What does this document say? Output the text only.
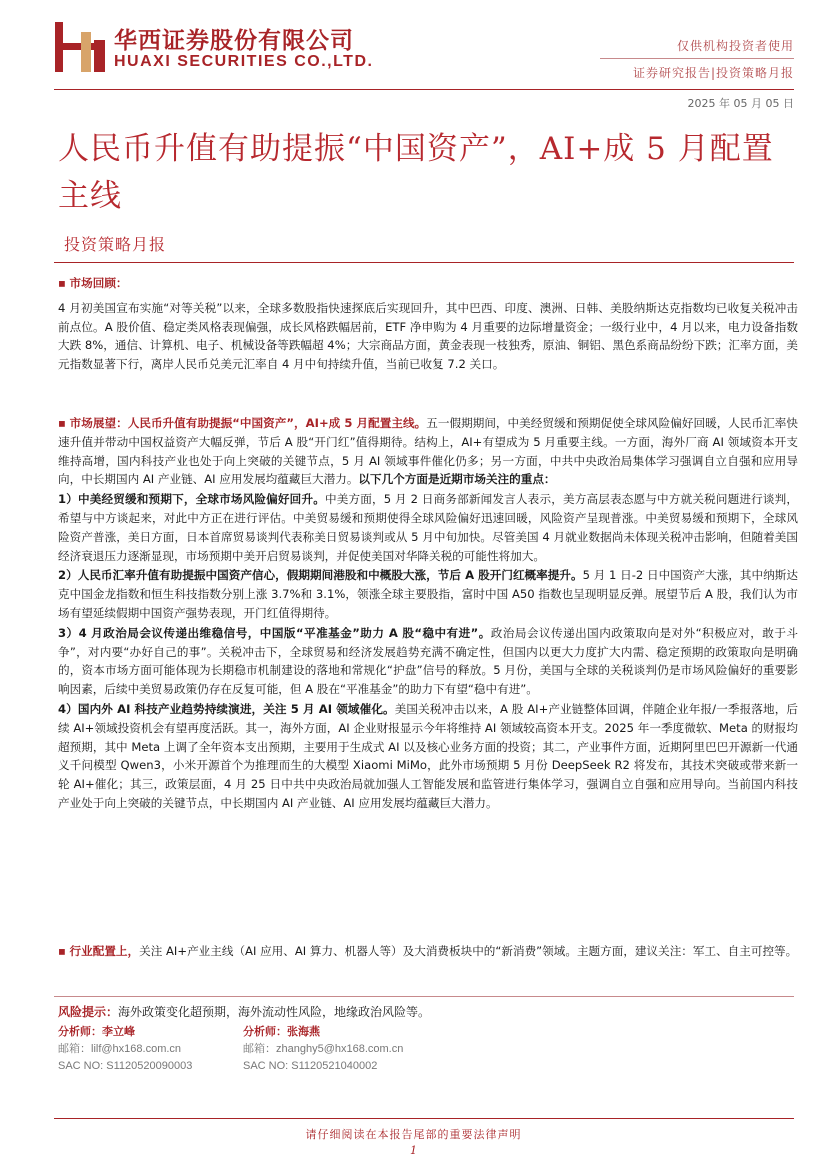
华西证券股份有限公司
HUAXI SECURITIES CO.,LTD.
仅供机构投资者使用
证券研究报告|投资策略月报
2025 年 05 月 05 日
人民币升值有助提振“中国资产”，AI+成 5 月配置主线
投资策略月报

▪ 市场回顾：

4 月初美国宣布实施“对等关税”以来，全球多数股指快速探底后实现回升，其中巴西、印度、澳洲、日韩、美股纳斯达克指数均已收复关税冲击前点位。A 股价值、稳定类风格表现偏强，成长风格跌幅居前，ETF 净申购为 4 月重要的边际增量资金；一级行业中，4 月以来，电力设备指数大跌 8%，通信、计算机、电子、机械设备等跌幅超 4%；大宗商品方面，黄金表现一枝独秀，原油、铜铝、黑色系商品纷纷下跌；汇率方面，美元指数显著下行，离岸人民币兑美元汇率自 4 月中旬持续升值，当前已收复 7.2 关口。

▪ 市场展望：人民币升值有助提振“中国资产”，AI+成 5 月配置主线。五一假期期间，中美经贸缓和预期促使全球风险偏好回暖，人民币汇率快速升值并带动中国权益资产大幅反弹，节后 A 股“开门红”值得期待。结构上，AI+有望成为 5 月重要主线。一方面，海外厂商 AI 领域资本开支维持高增，国内科技产业也处于向上突破的关键节点，5 月 AI 领域事件催化仍多；另一方面，中共中央政治局集体学习强调自立自强和应用导向，中长期国内 AI 产业链、AI 应用发展均蕴藏巨大潜力。以下几个方面是近期市场关注的重点：

1）中美经贸缓和预期下，全球市场风险偏好回升。中美方面，5 月 2 日商务部新闻发言人表示，美方高层表态愿与中方就关税问题进行谈判，希望与中方谈起来，对此中方正在进行评估。中美贸易缓和预期使得全球风险偏好迅速回暖，风险资产呈现普涨。中美贸易缓和预期下，全球风险资产普涨，美日方面，日本首席贸易谈判代表称美日贸易谈判或从 5 月中旬加快。尽管美国 4 月就业数据尚未体现关税冲击影响，但随着美国经济衰退压力逐渐显现，市场预期中美开启贸易谈判，并促使美国对华降关税的可能性将加大。

2）人民币汇率升值有助提振中国资产信心，假期期间港股和中概股大涨，节后 A 股开门红概率提升。5 月 1 日-2 日中国资产大涨，其中纳斯达克中国金龙指数和恒生科技指数分别上涨 3.7%和 3.1%，领涨全球主要股指，富时中国 A50 指数也呈现明显反弹。展望节后 A 股，我们认为市场有望延续假期中国资产强势表现，开门红值得期待。

3）4 月政治局会议传递出维稳信号，中国版“平准基金”助力 A 股“稳中有进”。政治局会议传递出国内政策取向是对外“积极应对，敢于斗争”，对内要“办好自己的事”。关税冲击下，全球贸易和经济发展趋势充满不确定性，但国内以更大力度扩大内需、稳定预期的政策取向是明确的，资本市场方面可能体现为长期稳市机制建设的落地和常规化“护盘”信号的释放。5 月份，美国与全球的关税谈判仍是市场风险偏好的重要影响因素，后续中美贸易政策仍存在反复可能，但 A 股在“平准基金”的助力下有望“稳中有进”。

4）国内外 AI 科技产业趋势持续演进，关注 5 月 AI 领域催化。美国关税冲击以来，A 股 AI+产业链整体回调，伴随企业年报/一季报落地，后续 AI+领域投资机会有望再度活跃。其一，海外方面，AI 企业财报显示今年将维持 AI 领域较高资本开支。2025 年一季度微软、Meta 的财报均超预期，其中 Meta 上调了全年资本支出预期，主要用于生成式 AI 以及核心业务方面的投资；其二，产业事件方面，近期阿里巴巴开源新一代通义千问模型 Qwen3，小米开源首个为推理而生的大模型 Xiaomi MiMo，此外市场预期 5 月份 DeepSeek R2 将发布，其技术突破或带来新一轮 AI+催化；其三，政策层面，4 月 25 日中共中央政治局就加强人工智能发展和监管进行集体学习，强调自立自强和应用导向。当前国内科技产业处于向上突破的关键节点，中长期国内 AI 产业链、AI 应用发展均蕴藏巨大潜力。

▪ 行业配置上，关注 AI+产业主线（AI 应用、AI 算力、机器人等）及大消费板块中的“新消费”领域。主题方面，建议关注：军工、自主可控等。

风险提示：海外政策变化超预期，海外流动性风险，地缘政治风险等。
分析师：李立峰
邮箱：lilf@hx168.com.cn
SAC NO: S1120520090003
分析师：张海燕
邮箱：zhanghy5@hx168.com.cn
SAC NO: S1120521040002
请仔细阅读在本报告尾部的重要法律声明
1
